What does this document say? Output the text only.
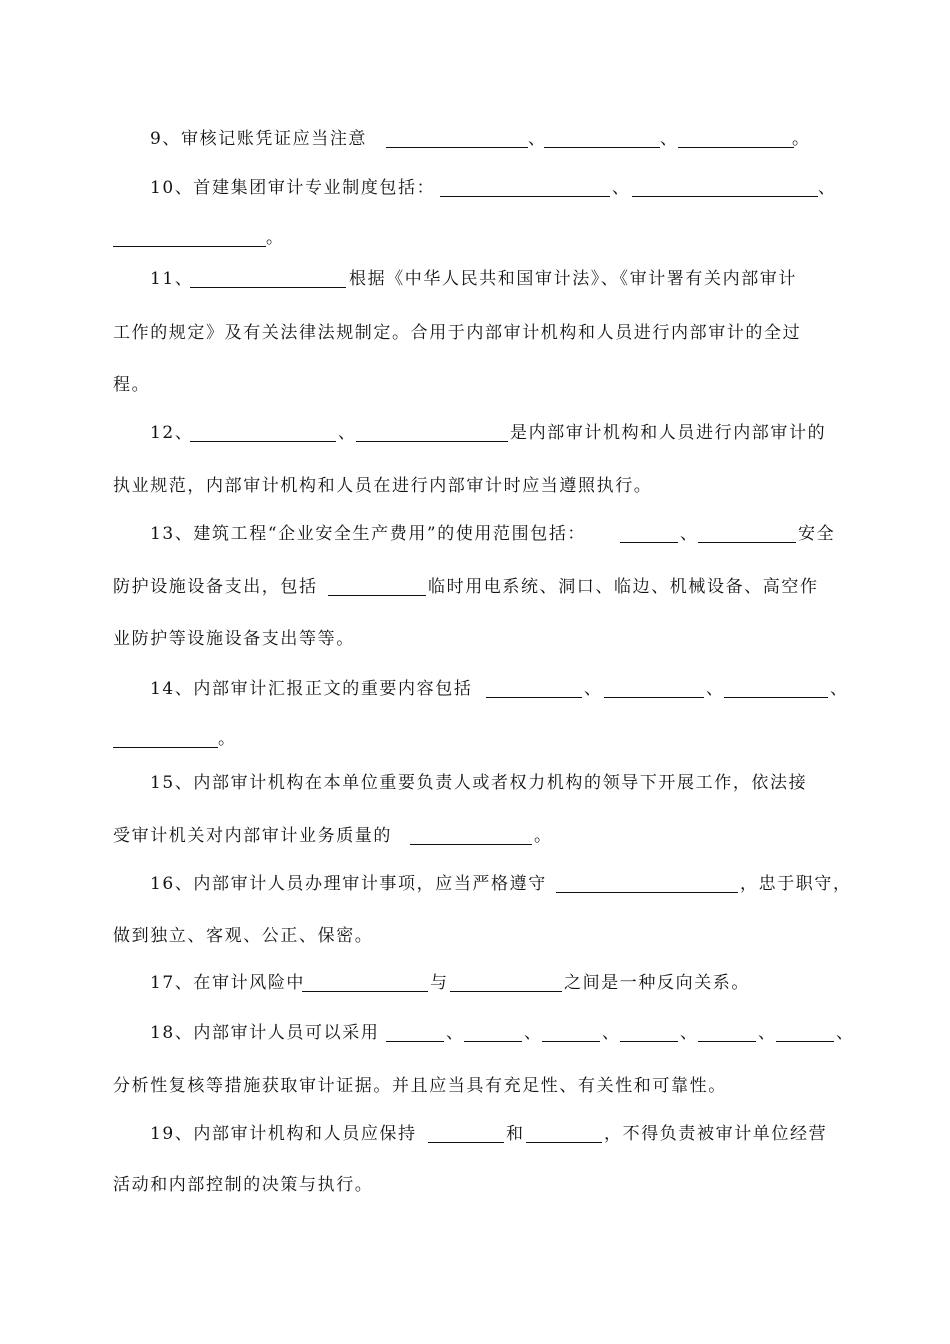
9、审核记账凭证应当注意	、	、	。
10、首建集团审计专业制度包括：	、	、
。
11、	根据《中华人民共和国审计法》、《审计署有关内部审计
工作的规定》及有关法律法规制定。合用于内部审计机构和人员进行内部审计的全过
程。
12、	、	是内部审计机构和人员进行内部审计的
执业规范，内部审计机构和人员在进行内部审计时应当遵照执行。
13、建筑工程“企业安全生产费用”的使用范围包括：	、	安全
防护设施设备支出，包括	临时用电系统、洞口、临边、机械设备、高空作
业防护等设施设备支出等等。
14、内部审计汇报正文的重要内容包括	、	、	、
。
15、内部审计机构在本单位重要负责人或者权力机构的领导下开展工作，依法接
受审计机关对内部审计业务质量的	。
16、内部审计人员办理审计事项，应当严格遵守	，忠于职守，
做到独立、客观、公正、保密。
17、在审计风险中	与	之间是一种反向关系。
18、内部审计人员可以采用	、	、	、	、	、	、
分析性复核等措施获取审计证据。并且应当具有充足性、有关性和可靠性。
19、内部审计机构和人员应保持	和	，不得负责被审计单位经营
活动和内部控制的决策与执行。
